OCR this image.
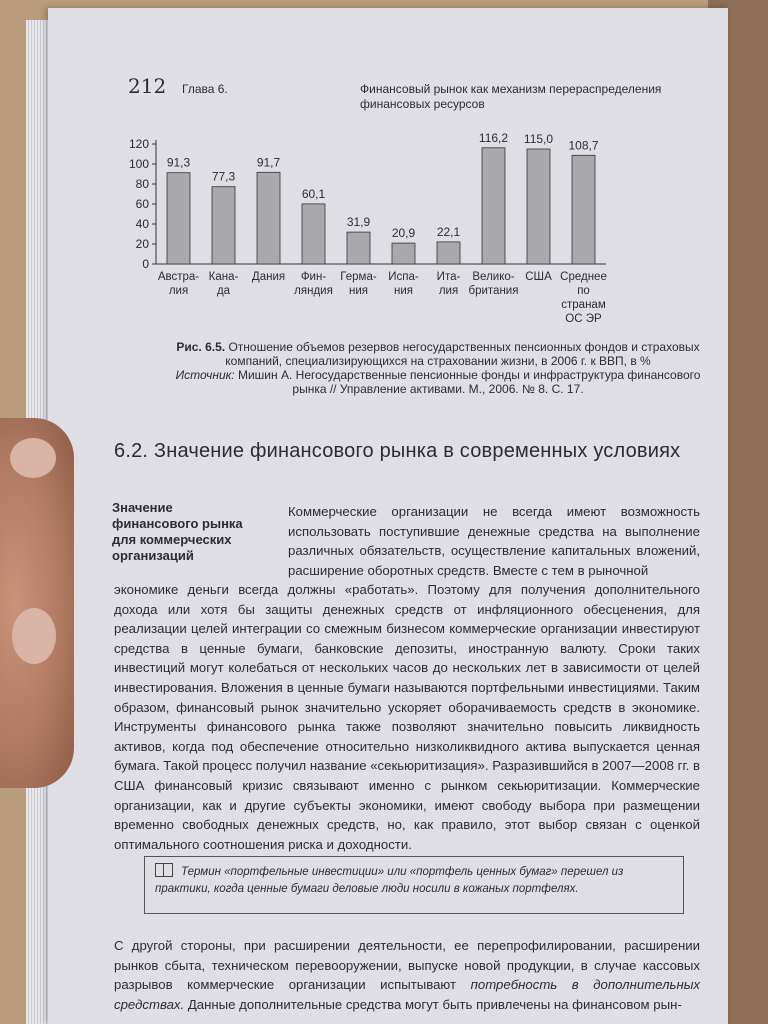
212 Глава 6.	Финансовый рынок как механизм перераспределения финансовых ресурсов
0
20
40
60
80
100
120
91,3
Австра-лия
77,3
Кана-да
91,7
Дания
60,1
Фин-ляндия
31,9
Герма-ния
20,9
Испа-ния
22,1
Ита-лия
116,2
Велико-британия
115,0
США
108,7
Среднее по странам ОС ЭР
Рис. 6.5. Отношение объемов резервов негосударственных пенсионных фондов и страховых компаний, специализирующихся на страховании жизни, в 2006 г. к ВВП, в %
Источник: Мишин А. Негосударственные пенсионные фонды и инфраструктура финансового рынка // Управление активами. М., 2006. № 8. С. 17.
6.2. Значение финансового рынка в современных условиях
Значение финансового рынка для коммерческих организаций
Коммерческие организации не всегда имеют возможность использовать поступившие денежные средства на выполнение различных обязательств, осуществление капитальных вложений, расширение оборотных средств. Вместе с тем в рыночной
экономике деньги всегда должны «работать». Поэтому для получения дополнительного дохода или хотя бы защиты денежных средств от инфляционного обесценения, для реализации целей интеграции со смежным бизнесом коммерческие организации инвестируют средства в ценные бумаги, банковские депозиты, иностранную валюту. Сроки таких инвестиций могут колебаться от нескольких часов до нескольких лет в зависимости от целей инвестирования. Вложения в ценные бумаги называются портфельными инвестициями. Таким образом, финансовый рынок значительно ускоряет оборачиваемость средств в экономике. Инструменты финансового рынка также позволяют значительно повысить ликвидность активов, когда под обеспечение относительно низколиквидного актива выпускается ценная бумага. Такой процесс получил название «секьюритизация». Разразившийся в 2007—2008 гг. в США финансовый кризис связывают именно с рынком секьюритизации. Коммерческие организации, как и другие субъекты экономики, имеют свободу выбора при размещении временно свободных денежных средств, но, как правило, этот выбор связан с оценкой оптимального соотношения риска и доходности.
Термин «портфельные инвестиции» или «портфель ценных бумаг» перешел из практики, когда ценные бумаги деловые люди носили в кожаных портфелях.
С другой стороны, при расширении деятельности, ее перепрофилировании, расширении рынков сбыта, техническом перевооружении, выпуске новой продукции, в случае кассовых разрывов коммерческие организации испытывают потребность в дополнительных средствах. Данные дополнительные средства могут быть привлечены на финансовом рын-
